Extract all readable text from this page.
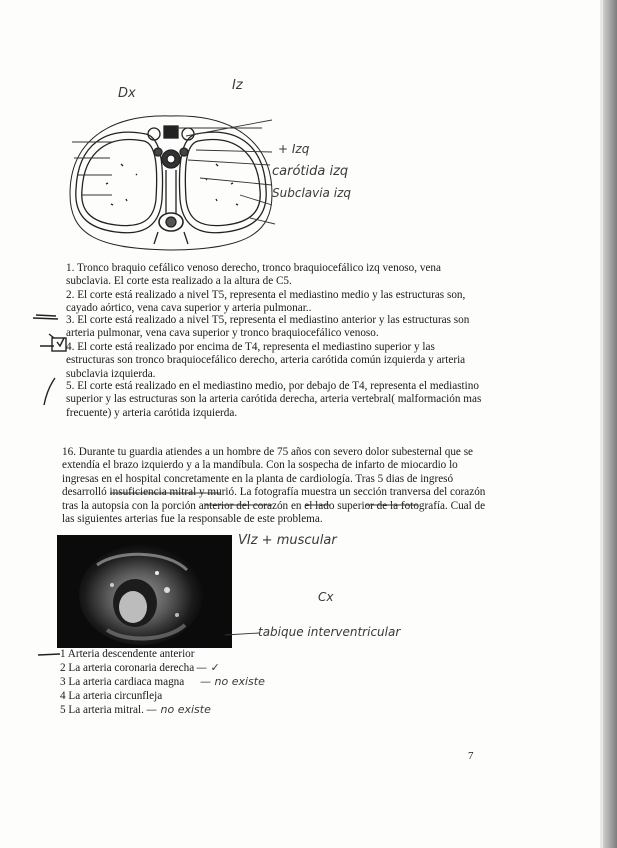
Dx
Iz
+ Izq
carótida izq
Subclavia izq

1. Tronco braquio cefálico venoso derecho, tronco braquiocefálico izq venoso, vena subclavia. El corte esta realizado a la altura de C5.

2. El corte está realizado a nivel T5, representa el mediastino medio y las estructuras son, cayado aórtico, vena cava superior y arteria pulmonar..

3. El corte está realizado a nivel T5, representa el mediastino anterior y las estructuras son arteria pulmonar, vena cava superior y tronco braquiocefálico venoso.

4. El corte está realizado por encima de T4, representa el mediastino superior y las estructuras son tronco braquiocefálico derecho, arteria carótida común izquierda y arteria subclavia izquierda.

5. El corte está realizado en el mediastino medio, por debajo de T4, representa el mediastino superior y las estructuras son la arteria carótida derecha, arteria vertebral( malformación mas frecuente) y arteria carótida izquierda.

16. Durante tu guardia atiendes a un hombre de 75 años con severo dolor subesternal que se extendía el brazo izquierdo y a la mandíbula. Con la sospecha de infarto de miocardio lo ingresas en el hospital concretamente en la planta de cardiología. Tras 5 dias de ingresó desarrolló insuficiencia mitral y murió. La fotografía muestra un sección tranversa del corazón tras la autopsia con la porción anterior del corazón en el lado superior de la fotografía. Cual de las siguientes arterias fue la responsable de este problema.

VIz + muscular
Cx
tabique interventricular
1 Arteria descendente anterior
2 La arteria coronaria derecha
3 La arteria cardiaca magna
4 La arteria circunfleja
5 La arteria mitral.
— ✓
— no existe
— no existe
7
